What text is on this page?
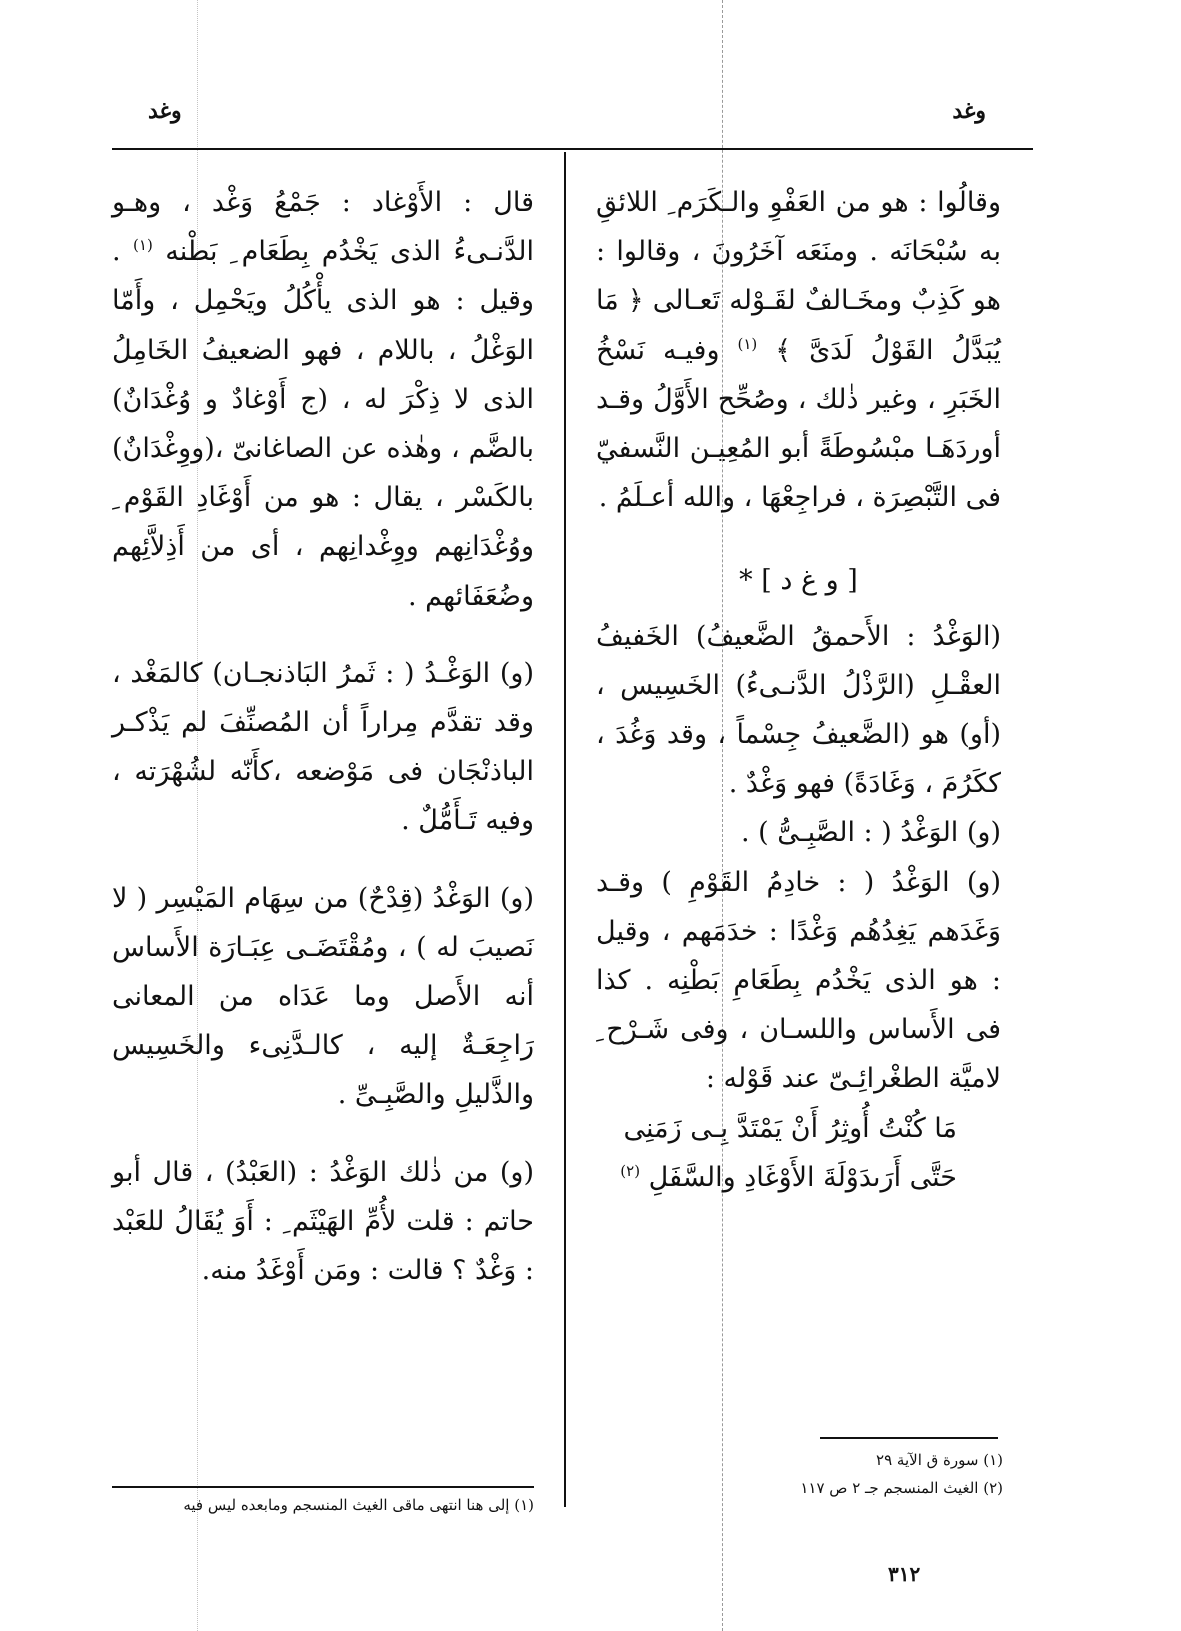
وغد
وغد

وقالُوا : هو من العَفْوِ والـكَرَم ِ اللائقِ به سُبْحَانَه . ومنَعَه آخَرُونَ ، وقالوا : هو كَذِبٌ ومخَـالفٌ لقَـوْله تَعـالى ﴿ مَا يُبَدَّلُ القَوْلُ لَدَىَّ ﴾ $^{(١)}$ وفيـه نَسْخُ الخَبَرِ ، وغير ذٰلك ، وصُحِّح الأَوَّلُ وقـد أوردَهَـا مبْسُوطَةً أبو المُعِيـن النَّسفيّ فى التَّبْصِرَة ، فراجِعْهَا ، والله أعـلَمُ .

[ و غ د ] *

(الوَغْدُ : الأَحمقُ الضَّعيفُ) الخَفيفُ العقْـلِ (الرَّذْلُ الدَّنـىءُ) الخَسِيس ، (أو) هو (الضَّعيفُ جِسْماً ، وقد وَغُدَ ، ككَرُمَ ، وَغَادَةً) فهو وَغْدٌ .

(و) الوَغْدُ ( : الصَّبِـىُّ ) .

(و) الوَغْدُ ( : خادِمُ القَوْمِ ) وقـد وَغَدَهم يَغِدُهُم وَغْدًا : خدَمَهم ، وقيل : هو الذى يَخْدُم بِطَعَامِ بَطْنِه . كذا فى الأَساس واللسـان ، وفى شَـرْح ِ لاميَّة الطغْرائِـىّ عند قَوْله :

مَا كُنْتُ أُوثِرُ أَنْ يَمْتَدَّ بِـى زَمَنِى

حَتَّى أَرَىدَوْلَةَ الأَوْغَادِ والسَّفَلِ $^{(٢)}$

قال : الأَوْغاد : جَمْعُ وَغْد ، وهـو الدَّنـىءُ الذى يَخْدُم بِطَعَام ِ بَطْنه $^{(١)}$ . وقيل : هو الذى يأْكُلُ ويَحْمِل ، وأَمّا الوَغْلُ ، باللام ، فهو الضعيفُ الخَامِلُ الذى لا ذِكْرَ له ، (ج أَوْغادٌ و وُغْدَانٌ) بالضَّم ، وهٰذه عن الصاغانىّ ،(ووِغْدَانٌ) بالكَسْر ، يقال : هو من أَوْغَادِ القَوْم ِ ووُغْدَانِهم ووِغْدانِهم ، أى من أَذِلاَّئِهم وضُعَفَائهم .

(و) الوَغْـدُ ( : ثَمرُ البَاذنجـان) كالمَغْد ، وقد تقدَّم مِراراً أن المُصنِّفَ لم يَذْكـر الباذنْجَان فى مَوْضعه ،كأَنّه لشُهْرَته ، وفيه تَـأَمُّلٌ .

(و) الوَغْدُ (قِدْحٌ) من سِهَام المَيْسِر ( لا نَصيبَ له ) ، ومُقْتَضَـى عِبَـارَة الأَساس أنه الأَصل وما عَدَاه من المعانى رَاجِعَـةٌ إليه ، كالـدَّنِىء والخَسِيس والذَّليلِ والصَّبِـىِّ .

(و) من ذٰلك الوَغْدُ : (العَبْدُ) ، قال أبو حاتم : قلت لأُمِّ الهَيْثَم ِ : أَوَ يُقَالُ للعَبْد : وَغْدٌ ؟ قالت : ومَن أَوْغَدُ منه.

(١) سورة ق الآية ٢٩
(٢) الغيث المنسجم جـ ٢ ص ١١٧
(١) إلى هنا انتهى ماقى الغيث المنسجم ومابعده ليس فيه
٣١٢
